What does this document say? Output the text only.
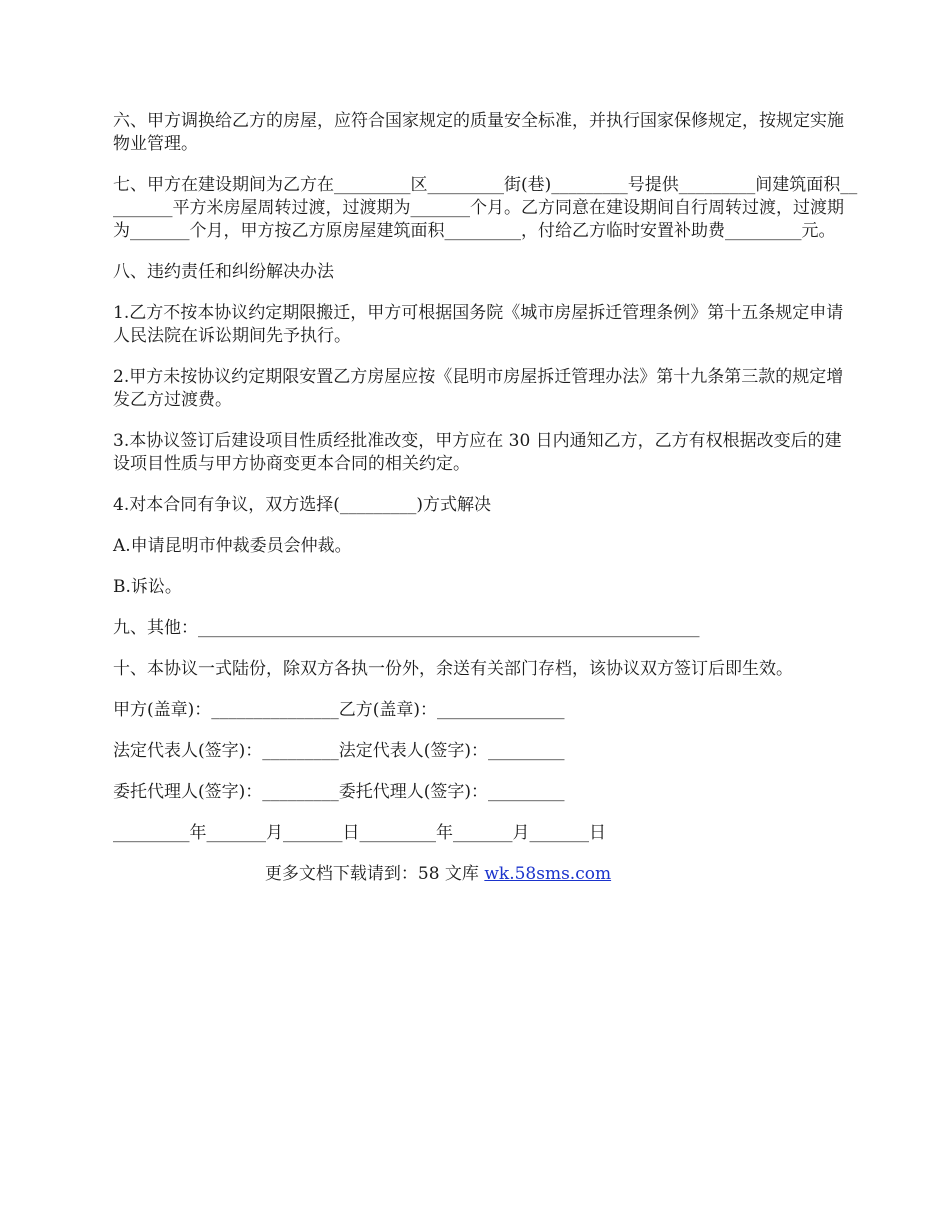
六、甲方调换给乙方的房屋，应符合国家规定的质量安全标准，并执行国家保修规定，按规定实施物业管理。

七、甲方在建设期间为乙方在_________区_________街(巷)_________号提供_________间建筑面积_________平方米房屋周转过渡，过渡期为_______个月。乙方同意在建设期间自行周转过渡，过渡期为_______个月，甲方按乙方原房屋建筑面积_________，付给乙方临时安置补助费_________元。

八、违约责任和纠纷解决办法

1.乙方不按本协议约定期限搬迁，甲方可根据国务院《城市房屋拆迁管理条例》第十五条规定申请人民法院在诉讼期间先予执行。

2.甲方未按协议约定期限安置乙方房屋应按《昆明市房屋拆迁管理办法》第十九条第三款的规定增发乙方过渡费。

3.本协议签订后建设项目性质经批准改变，甲方应在 30 日内通知乙方，乙方有权根据改变后的建设项目性质与甲方协商变更本合同的相关约定。

4.对本合同有争议，双方选择(_________)方式解决

A.申请昆明市仲裁委员会仲裁。

B.诉讼。

九、其他：___________________________________________________________

十、本协议一式陆份，除双方各执一份外，余送有关部门存档，该协议双方签订后即生效。

甲方(盖章)：_______________乙方(盖章)：_______________

法定代表人(签字)：_________法定代表人(签字)：_________

委托代理人(签字)：_________委托代理人(签字)：_________

_________年_______月_______日_________年_______月_______日

更多文档下载请到：58 文库 wk.58sms.com
